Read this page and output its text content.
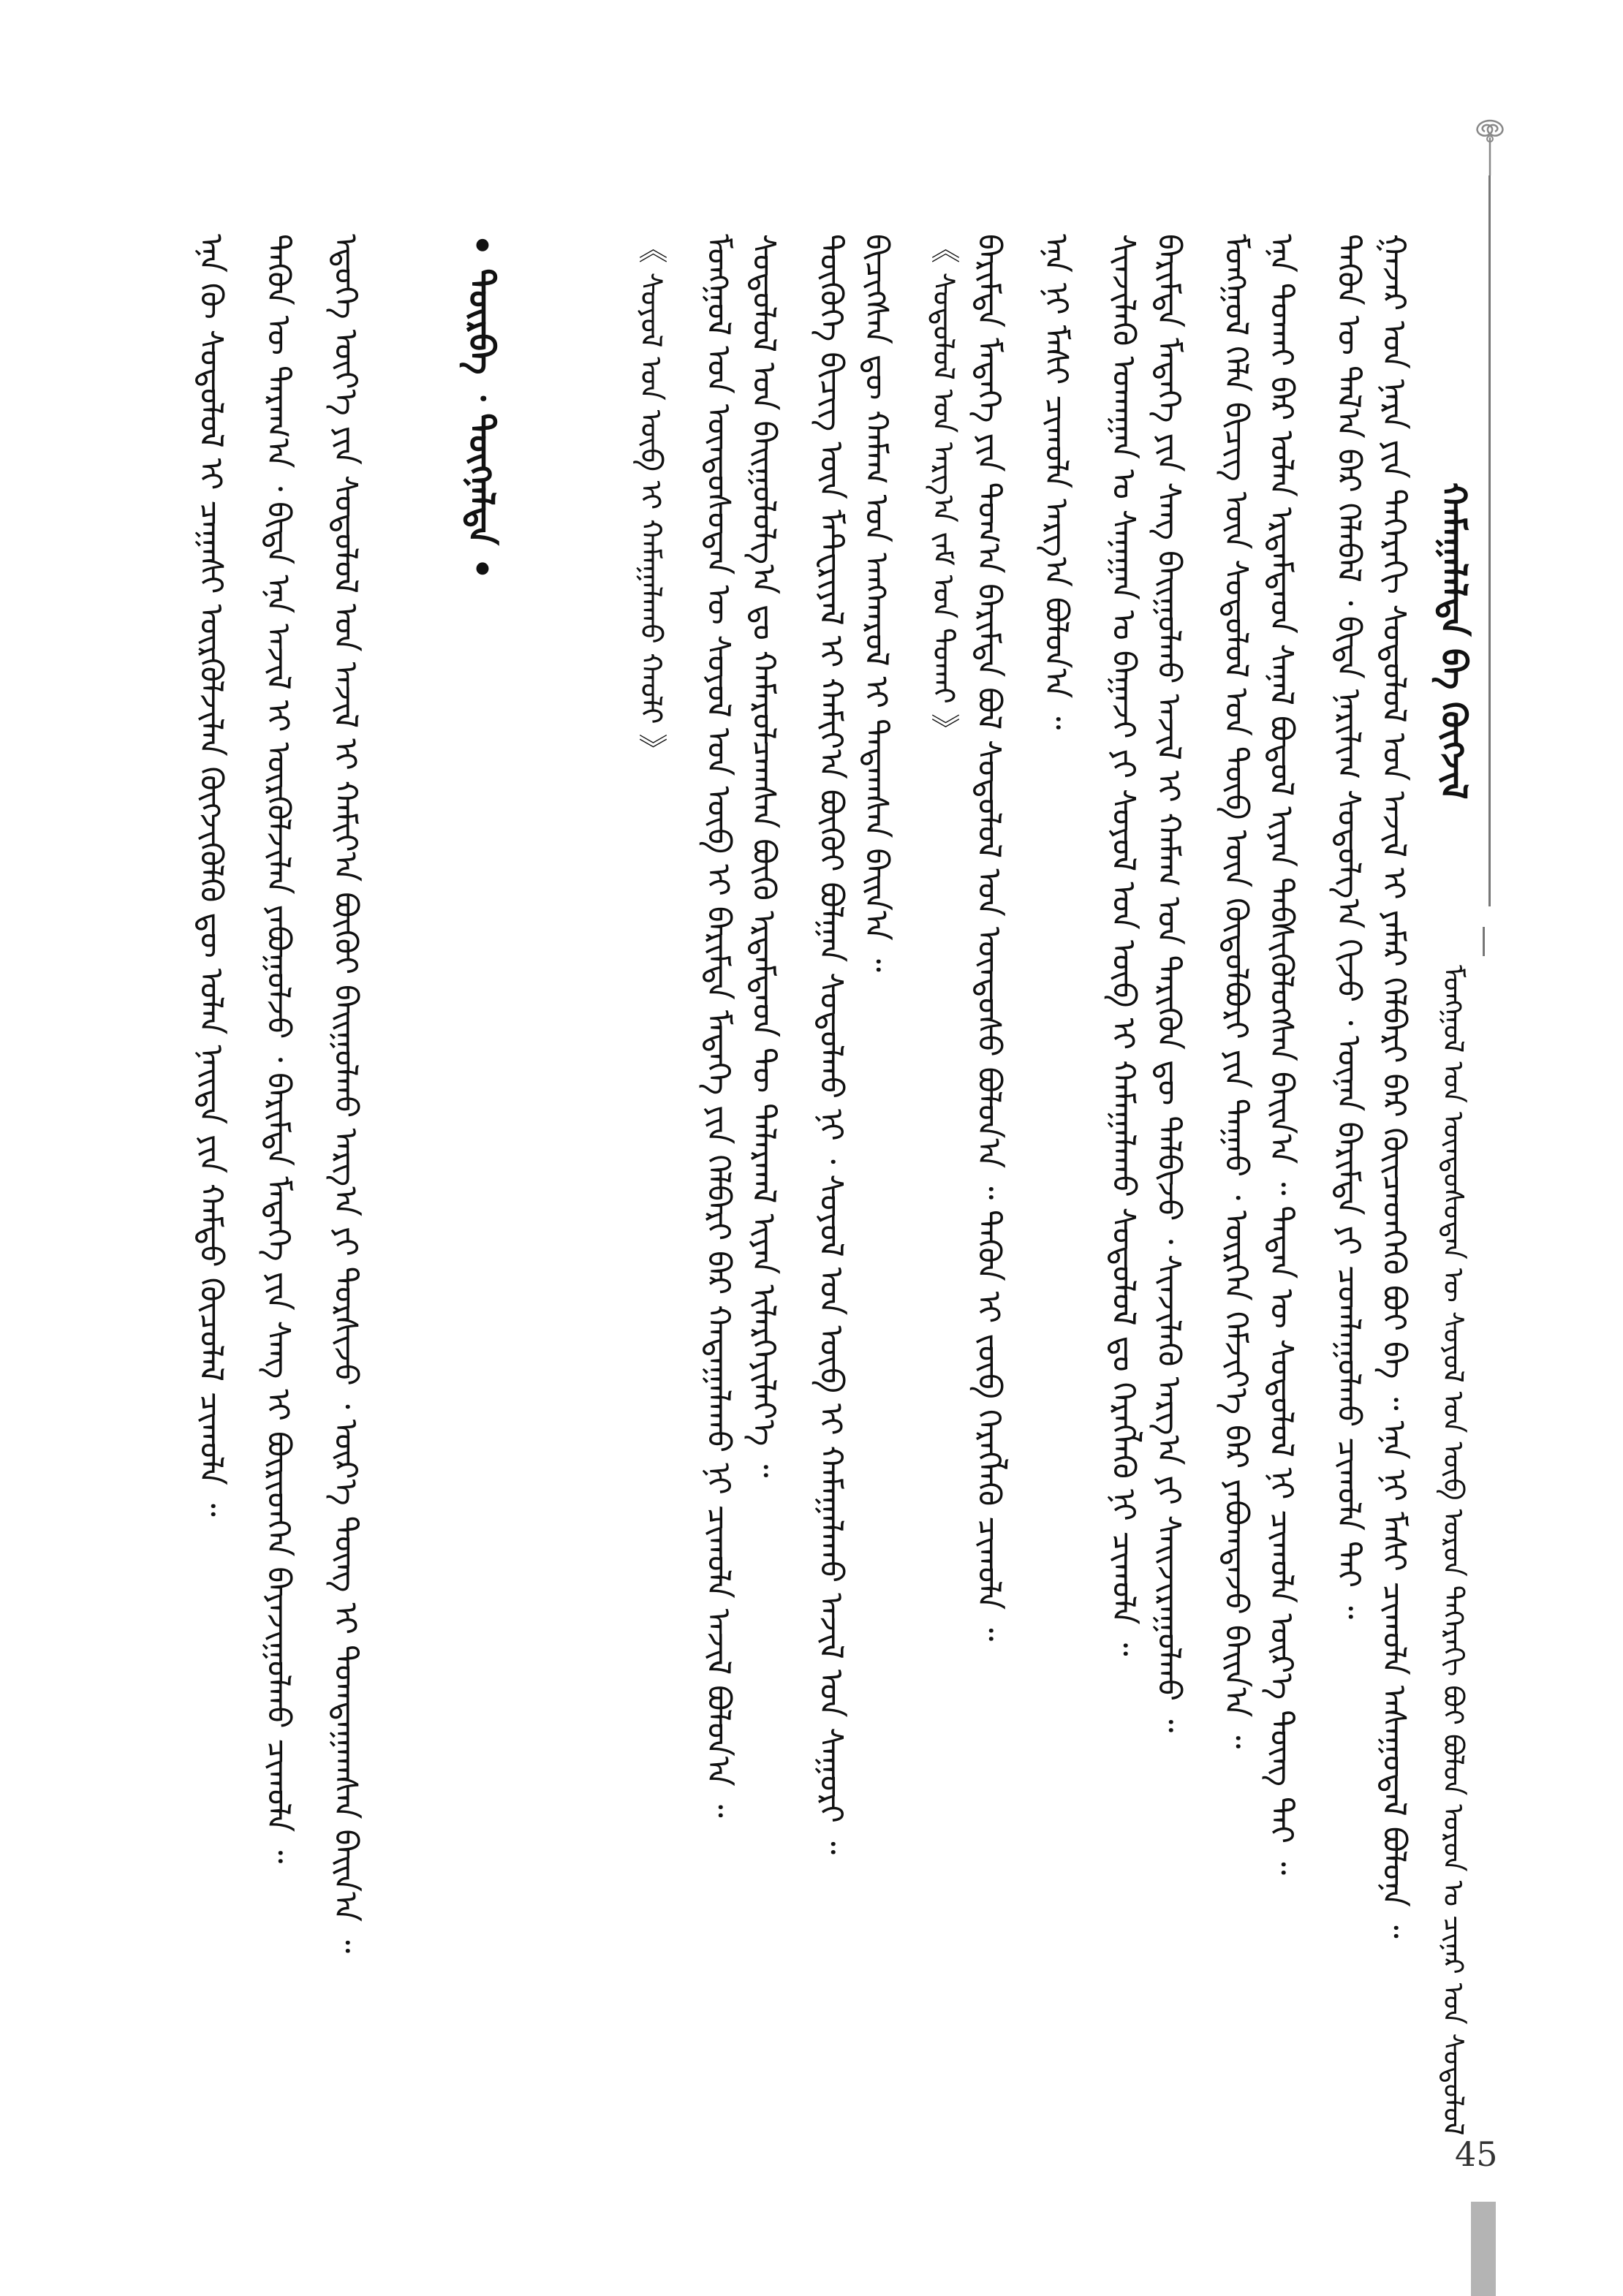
ᠮᠣᠩᠭᠣᠯ ᠤᠨ ᠦᠨᠳᠦᠰᠦᠲᠡᠨ ᠦ ᠰᠣᠶᠣᠯ ᠤᠨ ᠦᠪ ᠣᠷᠤᠨ ᠳᠡᠭᠡᠷᠡᠬᠢ ᠪᠤᠢ ᠪᠣᠯᠤᠨ ᠤᠷᠤᠨ ᠤ ᠴᠢᠨᠠᠷ ᠤᠨ ᠰᠤᠳᠤᠯᠤᠯ
ᠬᠠᠮᠠᠭᠠᠯᠠᠯᠲᠠ ᠪᠠ ᠬᠥᠭᠵᠢᠯ
ᠭᠠᠵᠠᠷ ᠤᠨ ᠨᠡᠷᠡ ᠶᠢᠨ ᠳᠡᠭᠡᠷᠡᠬᠢ ᠰᠤᠳᠤᠯᠤᠯ ᠤᠨ ᠠᠵᠢᠯ ᠢ ᠶᠠᠮᠠᠷ ᠬᠡᠯᠪᠡᠷᠢ ᠪᠡᠷ ᠭᠦᠢᠴᠡᠳᠭᠡᠬᠦ ᠪᠤᠢ ᠪᠡ ᠃ ᠡᠨᠡ ᠨᠢ ᠮᠠᠰᠢ ᠴᠢᠬᠤᠯᠠ ᠠᠰᠠᠭᠤᠳᠠᠯ ᠪᠣᠯᠤᠨᠠ ᠃
ᠲᠡᠭᠦᠨ ᠦ ᠲᠠᠯ᠎ᠠ ᠪᠡᠷ ᠬᠡᠯᠡᠪᠡᠯ ᠂ ᠪᠢᠳᠡ ᠨᠠᠷᠢᠯᠢᠭ ᠰᠤᠳᠤᠯᠭ᠎ᠠ ᠬᠢᠵᠦ ᠂ ᠦᠨᠡᠨ ᠪᠠᠷᠢᠮᠲᠠ ᠶᠢ ᠴᠤᠭᠯᠠᠭᠤᠯᠬᠤ ᠴᠢᠬᠤᠯᠠ ᠲᠠᠢ ᠃
ᠡᠨᠡ ᠲᠤᠬᠠᠢ ᠪᠡᠷ ᠣᠯᠠᠨ ᠡᠷᠳᠡᠮᠲᠡᠳ ᠰᠠᠨᠠᠯ ᠪᠣᠳᠣᠯ ᠢᠶᠠᠨ ᠳᠡᠪᠰᠢᠭᠦᠯᠦᠭᠰᠡᠨ ᠪᠠᠢᠨ᠎ᠠ ᠃ ᠲᠡᠳᠡᠨ ᠦ ᠰᠤᠳᠤᠯᠤᠯ ᠨᠢ ᠴᠢᠬᠤᠯᠠ ᠦᠷ᠎ᠡ ᠳᠦᠩ ᠲᠠᠢ ᠃
ᠮᠣᠩᠭᠣᠯ ᠬᠡᠯᠡ ᠪᠢᠴᠢᠭ ᠦᠨ ᠰᠤᠳᠤᠯᠤᠯ ᠤᠨ ᠲᠦᠪ ᠦᠨ ᠬᠥᠲᠦᠯᠪᠦᠷᠢ ᠶᠢᠨ ᠳᠠᠭᠠᠤ ᠂ ᠥᠷᠭᠡᠨ ᠬᠡᠮᠵᠢᠶ᠎ᠡ ᠪᠡᠷ ᠶᠠᠪᠤᠭᠳᠠᠵᠤ ᠪᠠᠢᠨ᠎ᠠ ᠃
ᠪᠠᠷᠢᠮᠲᠠ ᠮᠡᠳᠡᠭᠡ ᠶᠢᠨ ᠰᠠᠩ ᠪᠠᠢᠭᠤᠯᠬᠤ ᠠᠵᠢᠯ ᠢ ᠬᠠᠮᠠᠭ ᠤᠨ ᠲᠡᠷᠢᠭᠦᠨ ᠳᠦ ᠲᠠᠯᠪᠢᠵᠤ ᠂ ᠰᠢᠨᠵᠢᠯᠡᠬᠦ ᠠᠷᠭ᠎ᠠ ᠶᠢ ᠰᠠᠢᠵᠢᠷᠠᠭᠤᠯᠬᠤ ᠃
ᠰᠢᠨᠵᠢᠯᠡᠬᠦ ᠤᠬᠠᠭᠠᠨ ᠤ ᠰᠠᠨᠠᠭᠠᠨ ᠤ ᠪᠠᠭᠠᠵᠢ ᠶᠢ ᠰᠣᠶᠣᠯ ᠤᠨ ᠥᠪ ᠢ ᠬᠠᠮᠠᠭᠠᠯᠠᠬᠤ ᠰᠤᠳᠤᠯᠤᠯ ᠳᠤ ᠬᠡᠷᠡᠭᠯᠡᠬᠦ ᠨᠢ ᠴᠢᠬᠤᠯᠠ ᠃
ᠡᠨᠡ ᠨᠢ ᠮᠠᠰᠢ ᠴᠢᠬᠤᠯᠠ ᠠᠷᠭ᠎ᠠ ᠪᠣᠯᠤᠨ᠎ᠠ ᠃
ᠪᠠᠷᠢᠮᠲᠠ ᠮᠡᠳᠡᠭᠡ ᠶᠢᠨ ᠲᠣᠭ᠎ᠠ ᠪᠠᠷᠢᠮᠲᠠ ᠪᠣᠯ ᠰᠤᠳᠤᠯᠤᠯ ᠤᠨ ᠦᠨᠳᠦᠰᠦ ᠪᠣᠯᠤᠨ᠎ᠠ ᠃ ᠲᠡᠭᠦᠨ ᠢ ᠵᠥᠪ ᠬᠡᠷᠡᠭᠯᠡᠬᠦ ᠴᠢᠬᠤᠯᠠ ᠃
《 ᠰᠤᠳᠤᠯᠤᠯ ᠤᠨ ᠠᠷᠭ᠎ᠠ ᠵᠠᠮ ᠤᠨ ᠲᠤᠬᠠᠢ 》
ᠪᠢᠴᠢᠭᠰᠡᠨ ᠳᠦ ᠬᠠᠮᠠᠭ ᠤᠨ ᠠᠩᠬᠠᠷᠤᠯ ᠢ ᠲᠠᠲᠠᠭᠰᠠᠨ ᠪᠠᠢᠨ᠎ᠠ ᠃
ᠲᠦᠭᠦᠬᠡ ᠪᠢᠴᠢᠭ ᠦᠨ ᠮᠠᠲ᠋ᠧᠷᠢᠶᠠᠯ ᠢ ᠬᠠᠮᠢᠶ᠎ᠠ ᠪᠦᠬᠦᠢ ᠪᠣᠯᠭᠠᠨ ᠰᠤᠳᠤᠯᠬᠤ ᠨᠢ ᠂ ᠰᠣᠶᠣᠯ ᠤᠨ ᠥᠪ ᠢ ᠬᠠᠮᠠᠭᠠᠯᠠᠬᠤ ᠠᠵᠢᠯ ᠤᠨ ᠰᠠᠭᠤᠷᠢ ᠃
ᠰᠤᠳᠤᠯᠤᠯ ᠤᠨ ᠪᠠᠢᠭᠤᠯᠤᠯᠭ᠎ᠠ ᠳᠤ ᠬᠠᠮᠠᠷᠤᠯᠴᠠᠭᠰᠠᠨ ᠪᠦᠬᠦ ᠡᠷᠳᠡᠮᠲᠡᠳ ᠲᠦ ᠲᠠᠯᠠᠷᠬᠠᠯ ᠢᠶᠠᠨ ᠢᠯᠡᠷᠬᠡᠶᠢᠯᠡᠶ᠎ᠡ ᠃
ᠮᠣᠩᠭᠣᠯ ᠤᠨ ᠦᠨᠳᠦᠰᠦᠲᠡᠨ ᠦ ᠰᠣᠶᠣᠯ ᠤᠨ ᠥᠪ ᠢ ᠪᠠᠷᠢᠮᠲᠠ ᠮᠡᠳᠡᠭᠡ ᠶᠢᠨ ᠬᠡᠯᠪᠡᠷᠢ ᠪᠡᠷ ᠬᠠᠳᠠᠭᠠᠯᠠᠬᠤ ᠨᠢ ᠴᠢᠬᠤᠯᠠ ᠠᠵᠢᠯ ᠪᠣᠯᠤᠨ᠎ᠠ ᠃
《 ᠰᠣᠶᠣᠯ ᠤᠨ ᠥᠪ ᠢ ᠬᠠᠮᠠᠭᠠᠯᠠᠬᠤ ᠬᠠᠤᠯᠢ 》
• ᠳᠥᠷᠪᠡ ᠂ ᠳᠦᠭᠨᠡᠯᠲᠡ •
ᠡᠳᠦᠭᠡ ᠦᠶ᠎ᠡ ᠶᠢᠨ ᠰᠤᠳᠤᠯᠤᠯ ᠤᠨ ᠠᠵᠢᠯ ᠢ ᠬᠠᠮᠢᠶ᠎ᠠ ᠪᠦᠬᠦᠢ ᠪᠠᠢᠭᠤᠯᠬᠤ ᠠᠷᠭ᠎ᠠ ᠶᠢ ᠲᠤᠷᠰᠢᠵᠤ ᠂ ᠦᠷ᠎ᠡ ᠳᠦᠩ ᠢ ᠲᠣᠭᠲᠠᠭᠠᠭᠰᠠᠨ ᠪᠠᠢᠨ᠎ᠠ ᠃
ᠲᠡᠭᠦᠨ ᠦ ᠳᠠᠷᠠᠭ᠎ᠠ ᠂ ᠪᠢᠳᠡ ᠡᠨᠡ ᠠᠵᠢᠯ ᠢ ᠦᠷᠭᠦᠯᠵᠢᠯᠡᠨ ᠶᠠᠪᠤᠭᠤᠯᠵᠤ ᠂ ᠪᠠᠷᠢᠮᠲᠠ ᠮᠡᠳᠡᠭᠡ ᠶᠢᠨ ᠰᠠᠩ ᠢ ᠪᠦᠷᠢᠳᠬᠡᠨ ᠪᠠᠶᠠᠵᠢᠭᠤᠯᠬᠤ ᠴᠢᠬᠤᠯᠠ ᠃
ᠡᠨᠡ ᠬᠦ ᠰᠤᠳᠤᠯᠤᠯ ᠢ ᠴᠠᠭᠠᠰᠢ ᠦᠷᠭᠦᠯᠵᠢᠯᠡᠨ ᠬᠥᠭᠵᠢᠭᠦᠯᠬᠦ ᠳᠦ ᠣᠯᠠᠨ ᠨᠡᠢᠲᠡ ᠶᠢᠨ ᠬᠠᠮᠲᠤ ᠬᠦᠴᠦᠯᠡᠯ ᠴᠢᠬᠤᠯᠠ ᠃
45
